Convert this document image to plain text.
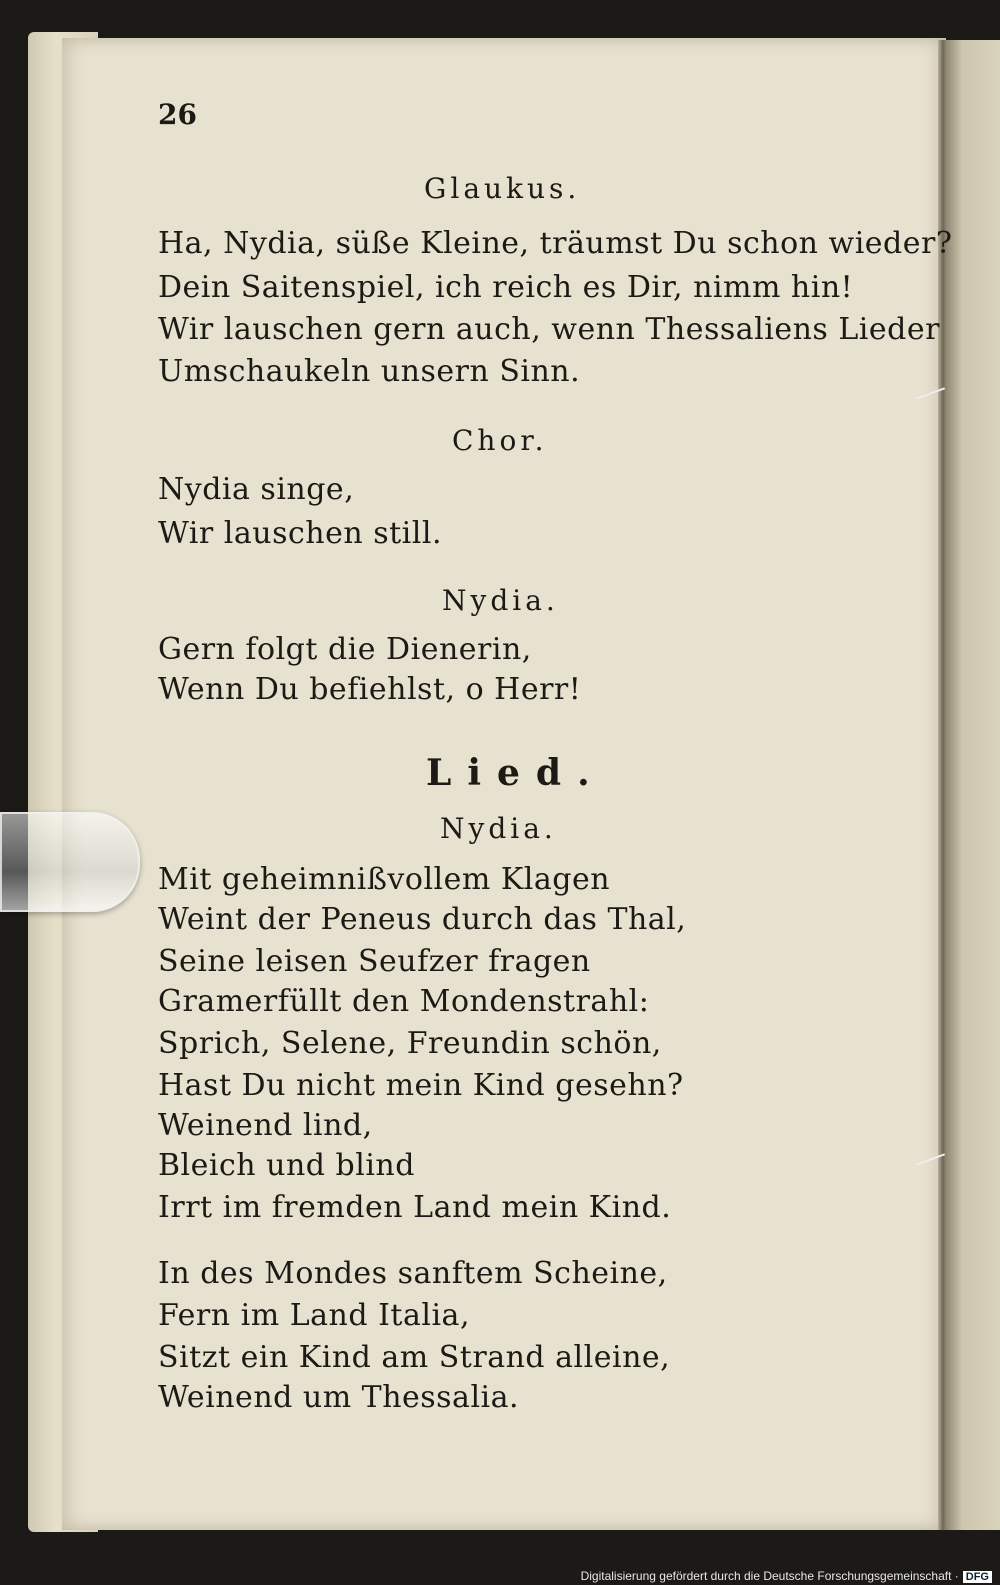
26
Glaukus.
Ha, Nydia, süße Kleine, träumst Du schon wieder?
Dein Saitenspiel, ich reich es Dir, nimm hin!
Wir lauschen gern auch, wenn Thessaliens Lieder
Umschaukeln unsern Sinn.
Chor.
Nydia singe,
Wir lauschen still.
Nydia.
Gern folgt die Dienerin,
Wenn Du befiehlst, o Herr!
Lied.
Nydia.
Mit geheimnißvollem Klagen
Weint der Peneus durch das Thal,
Seine leisen Seufzer fragen
Gramerfüllt den Mondenstrahl:
Sprich, Selene, Freundin schön,
Hast Du nicht mein Kind gesehn?
Weinend lind,
Bleich und blind
Irrt im fremden Land mein Kind.
In des Mondes sanftem Scheine,
Fern im Land Italia,
Sitzt ein Kind am Strand alleine,
Weinend um Thessalia.
Digitalisierung gefördert durch die Deutsche Forschungsgemeinschaft · DFG
